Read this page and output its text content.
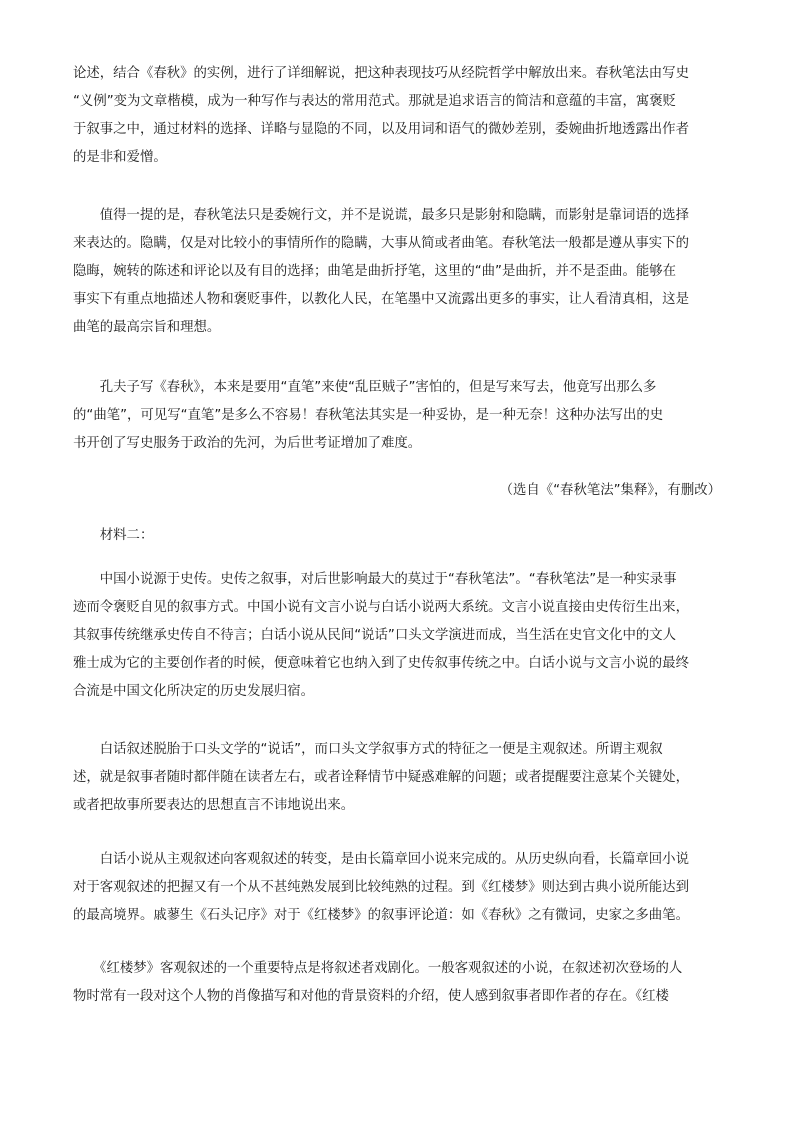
论述，结合《春秋》的实例，进行了详细解说，把这种表现技巧从经院哲学中解放出来。春秋笔法由写史
“义例”变为文章楷模，成为一种写作与表达的常用范式。那就是追求语言的简洁和意蕴的丰富，寓褒贬
于叙事之中，通过材料的选择、详略与显隐的不同，以及用词和语气的微妙差别，委婉曲折地透露出作者
的是非和爱憎。
　　值得一提的是，春秋笔法只是委婉行文，并不是说谎，最多只是影射和隐瞒，而影射是靠词语的选择
来表达的。隐瞒，仅是对比较小的事情所作的隐瞒，大事从简或者曲笔。春秋笔法一般都是遵从事实下的
隐晦，婉转的陈述和评论以及有目的选择；曲笔是曲折抒笔，这里的“曲”是曲折，并不是歪曲。能够在
事实下有重点地描述人物和褒贬事件，以教化人民，在笔墨中又流露出更多的事实，让人看清真相，这是
曲笔的最高宗旨和理想。
　　孔夫子写《春秋》，本来是要用“直笔”来使“乱臣贼子”害怕的，但是写来写去，他竟写出那么多
的“曲笔”，可见写“直笔”是多么不容易！春秋笔法其实是一种妥协，是一种无奈！这种办法写出的史
书开创了写史服务于政治的先河，为后世考证增加了难度。
（选自《“春秋笔法”集释》，有删改）
　　材料二：
　　中国小说源于史传。史传之叙事，对后世影响最大的莫过于“春秋笔法”。“春秋笔法”是一种实录事
迹而令褒贬自见的叙事方式。中国小说有文言小说与白话小说两大系统。文言小说直接由史传衍生出来，
其叙事传统继承史传自不待言；白话小说从民间“说话”口头文学演进而成，当生活在史官文化中的文人
雅士成为它的主要创作者的时候，便意味着它也纳入到了史传叙事传统之中。白话小说与文言小说的最终
合流是中国文化所决定的历史发展归宿。
　　白话叙述脱胎于口头文学的“说话”，而口头文学叙事方式的特征之一便是主观叙述。所谓主观叙
述，就是叙事者随时都伴随在读者左右，或者诠释情节中疑惑难解的问题；或者提醒要注意某个关键处，
或者把故事所要表达的思想直言不讳地说出来。
　　白话小说从主观叙述向客观叙述的转变，是由长篇章回小说来完成的。从历史纵向看，长篇章回小说
对于客观叙述的把握又有一个从不甚纯熟发展到比较纯熟的过程。到《红楼梦》则达到古典小说所能达到
的最高境界。戚蓼生《石头记序》对于《红楼梦》的叙事评论道：如《春秋》之有微词，史家之多曲笔。
　　《红楼梦》客观叙述的一个重要特点是将叙述者戏剧化。一般客观叙述的小说，在叙述初次登场的人
物时常有一段对这个人物的肖像描写和对他的背景资料的介绍，使人感到叙事者即作者的存在。《红楼
